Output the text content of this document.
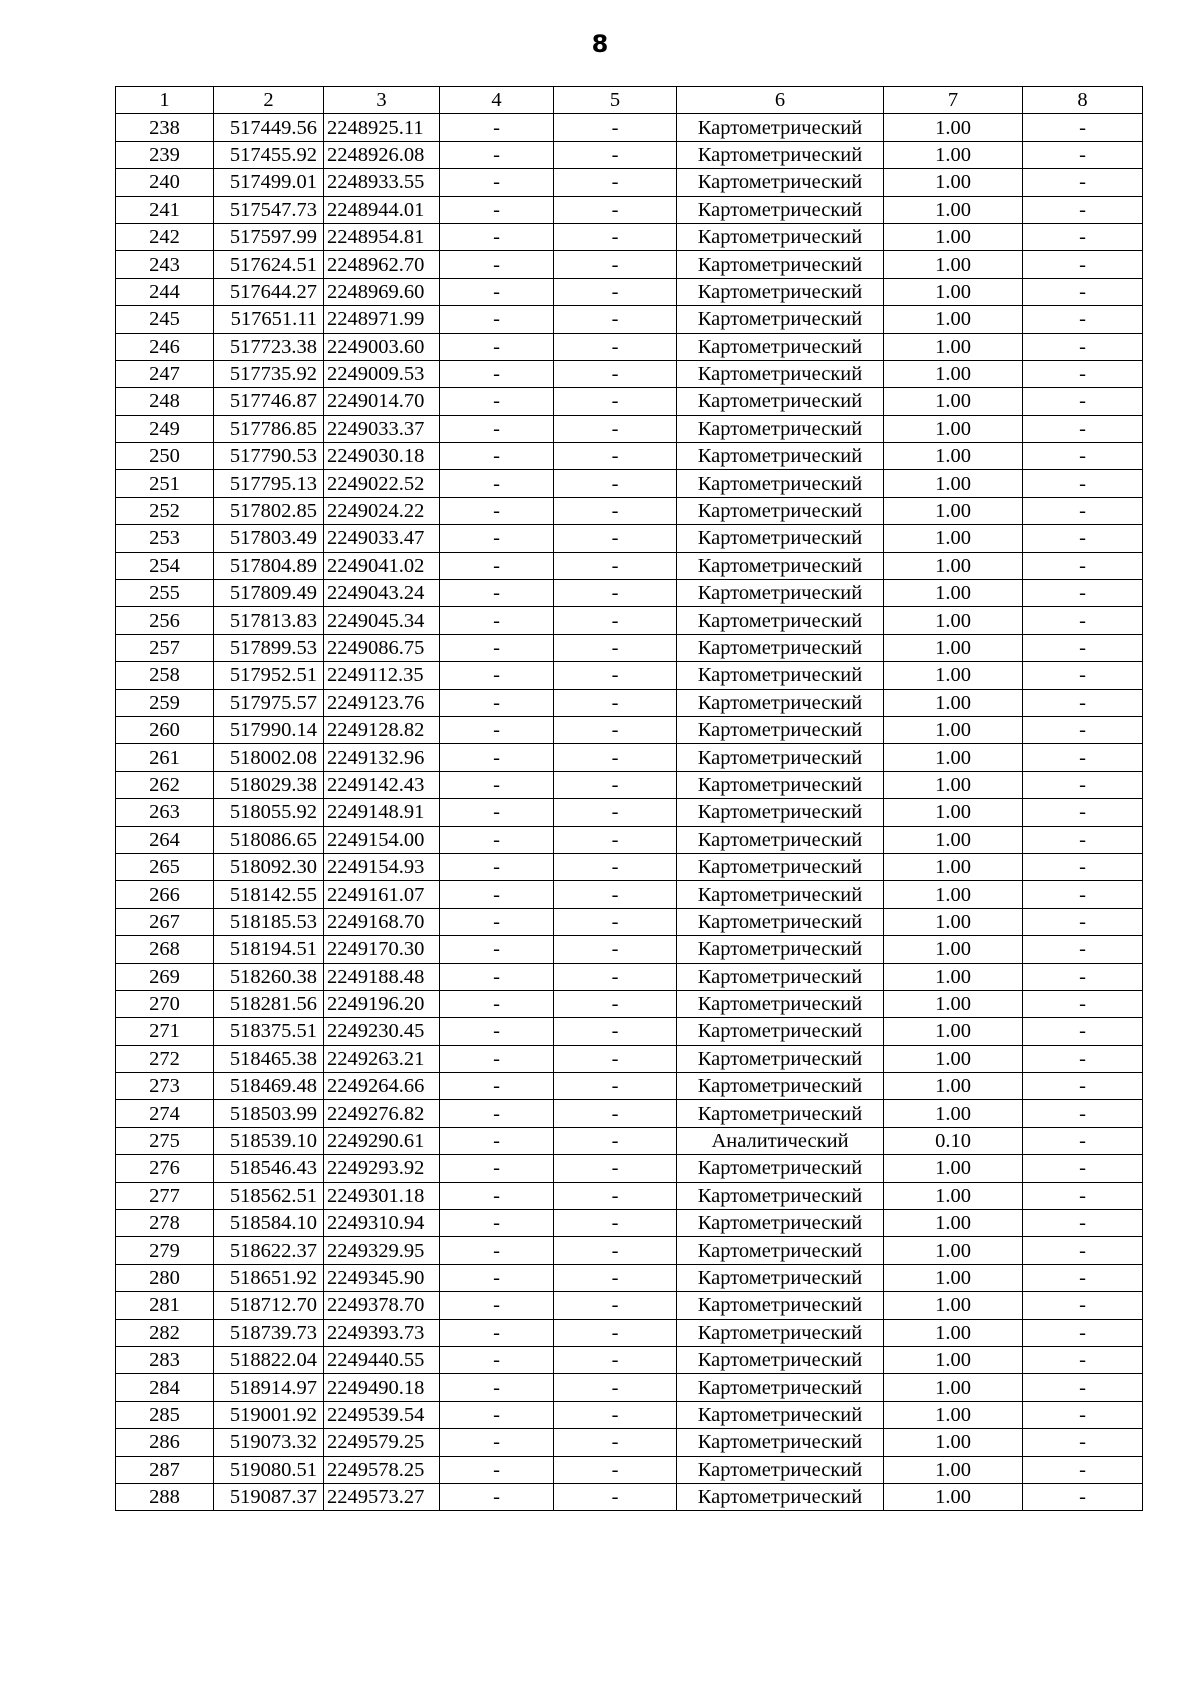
8
1	2	3	4	5	6	7	8
238	517449.56	2248925.11	-	-	Картометрический	1.00	-
239	517455.92	2248926.08	-	-	Картометрический	1.00	-
240	517499.01	2248933.55	-	-	Картометрический	1.00	-
241	517547.73	2248944.01	-	-	Картометрический	1.00	-
242	517597.99	2248954.81	-	-	Картометрический	1.00	-
243	517624.51	2248962.70	-	-	Картометрический	1.00	-
244	517644.27	2248969.60	-	-	Картометрический	1.00	-
245	517651.11	2248971.99	-	-	Картометрический	1.00	-
246	517723.38	2249003.60	-	-	Картометрический	1.00	-
247	517735.92	2249009.53	-	-	Картометрический	1.00	-
248	517746.87	2249014.70	-	-	Картометрический	1.00	-
249	517786.85	2249033.37	-	-	Картометрический	1.00	-
250	517790.53	2249030.18	-	-	Картометрический	1.00	-
251	517795.13	2249022.52	-	-	Картометрический	1.00	-
252	517802.85	2249024.22	-	-	Картометрический	1.00	-
253	517803.49	2249033.47	-	-	Картометрический	1.00	-
254	517804.89	2249041.02	-	-	Картометрический	1.00	-
255	517809.49	2249043.24	-	-	Картометрический	1.00	-
256	517813.83	2249045.34	-	-	Картометрический	1.00	-
257	517899.53	2249086.75	-	-	Картометрический	1.00	-
258	517952.51	2249112.35	-	-	Картометрический	1.00	-
259	517975.57	2249123.76	-	-	Картометрический	1.00	-
260	517990.14	2249128.82	-	-	Картометрический	1.00	-
261	518002.08	2249132.96	-	-	Картометрический	1.00	-
262	518029.38	2249142.43	-	-	Картометрический	1.00	-
263	518055.92	2249148.91	-	-	Картометрический	1.00	-
264	518086.65	2249154.00	-	-	Картометрический	1.00	-
265	518092.30	2249154.93	-	-	Картометрический	1.00	-
266	518142.55	2249161.07	-	-	Картометрический	1.00	-
267	518185.53	2249168.70	-	-	Картометрический	1.00	-
268	518194.51	2249170.30	-	-	Картометрический	1.00	-
269	518260.38	2249188.48	-	-	Картометрический	1.00	-
270	518281.56	2249196.20	-	-	Картометрический	1.00	-
271	518375.51	2249230.45	-	-	Картометрический	1.00	-
272	518465.38	2249263.21	-	-	Картометрический	1.00	-
273	518469.48	2249264.66	-	-	Картометрический	1.00	-
274	518503.99	2249276.82	-	-	Картометрический	1.00	-
275	518539.10	2249290.61	-	-	Аналитический	0.10	-
276	518546.43	2249293.92	-	-	Картометрический	1.00	-
277	518562.51	2249301.18	-	-	Картометрический	1.00	-
278	518584.10	2249310.94	-	-	Картометрический	1.00	-
279	518622.37	2249329.95	-	-	Картометрический	1.00	-
280	518651.92	2249345.90	-	-	Картометрический	1.00	-
281	518712.70	2249378.70	-	-	Картометрический	1.00	-
282	518739.73	2249393.73	-	-	Картометрический	1.00	-
283	518822.04	2249440.55	-	-	Картометрический	1.00	-
284	518914.97	2249490.18	-	-	Картометрический	1.00	-
285	519001.92	2249539.54	-	-	Картометрический	1.00	-
286	519073.32	2249579.25	-	-	Картометрический	1.00	-
287	519080.51	2249578.25	-	-	Картометрический	1.00	-
288	519087.37	2249573.27	-	-	Картометрический	1.00	-
